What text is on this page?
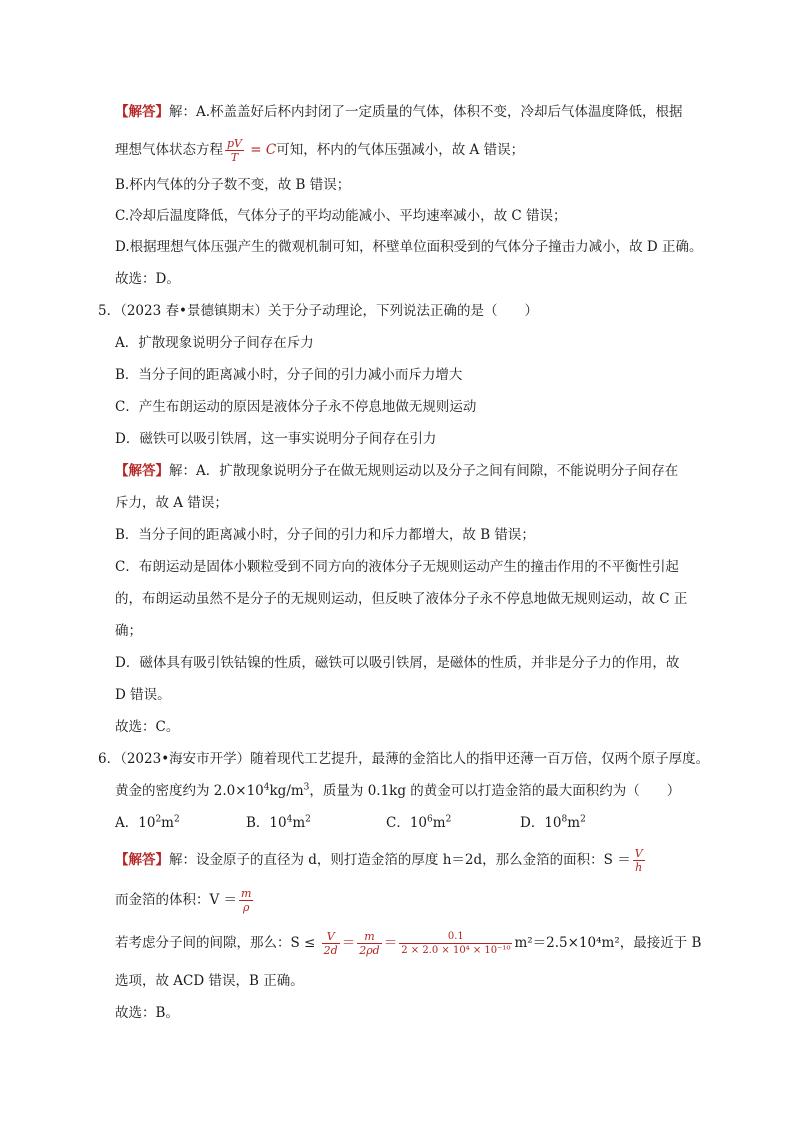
【解答】解：A.杯盖盖好后杯内封闭了一定质量的气体，体积不变，冷却后气体温度降低，根据
理想气体状态方程 $\frac{pV}{T} = C$可知，杯内的气体压强减小，故 A 错误；
B.杯内气体的分子数不变，故 B 错误；
C.冷却后温度降低，气体分子的平均动能减小、平均速率减小，故 C 错误；
D.根据理想气体压强产生的微观机制可知，杯壁单位面积受到的气体分子撞击力减小，故 D 正确。
故选：D。
5．（2023 春•景德镇期末）关于分子动理论，下列说法正确的是（　　）
A．扩散现象说明分子间存在斥力
B．当分子间的距离减小时，分子间的引力减小而斥力增大
C．产生布朗运动的原因是液体分子永不停息地做无规则运动
D．磁铁可以吸引铁屑，这一事实说明分子间存在引力
【解答】解：A．扩散现象说明分子在做无规则运动以及分子之间有间隙，不能说明分子间存在
斥力，故 A 错误；
B．当分子间的距离减小时，分子间的引力和斥力都增大，故 B 错误；
C．布朗运动是固体小颗粒受到不同方向的液体分子无规则运动产生的撞击作用的不平衡性引起
的，布朗运动虽然不是分子的无规则运动，但反映了液体分子永不停息地做无规则运动，故 C 正
确；
D．磁体具有吸引铁钴镍的性质，磁铁可以吸引铁屑，是磁体的性质，并非是分子力的作用，故
D 错误。
故选：C。
6．（2023•海安市开学）随着现代工艺提升，最薄的金箔比人的指甲还薄一百万倍，仅两个原子厚度。
黄金的密度约为 $2.0\times 10^4kg/m^3$，质量为 0.1kg 的黄金可以打造金箔的最大面积约为（　　）
A．$10^2m^2$	B．$10^4m^2$	C．$10^6m^2$	D．$10^8m^2$
【解答】解：设金原子的直径为 d，则打造金箔的厚度 h＝2d，那么金箔的面积：$S = \frac{V}{h}$
而金箔的体积：$V = \frac{m}{\rho}$
若考虑分子间的间隙，那么：$S \le \frac{V}{2d} = \frac{m}{2\rho d} = \frac{0.1}{\text{2 × 2.0 × 10⁴ × 10⁻¹⁰}} m^2=2.5\times 10^4m^2$，最接近于 B
选项，故 ACD 错误，B 正确。
故选：B。
